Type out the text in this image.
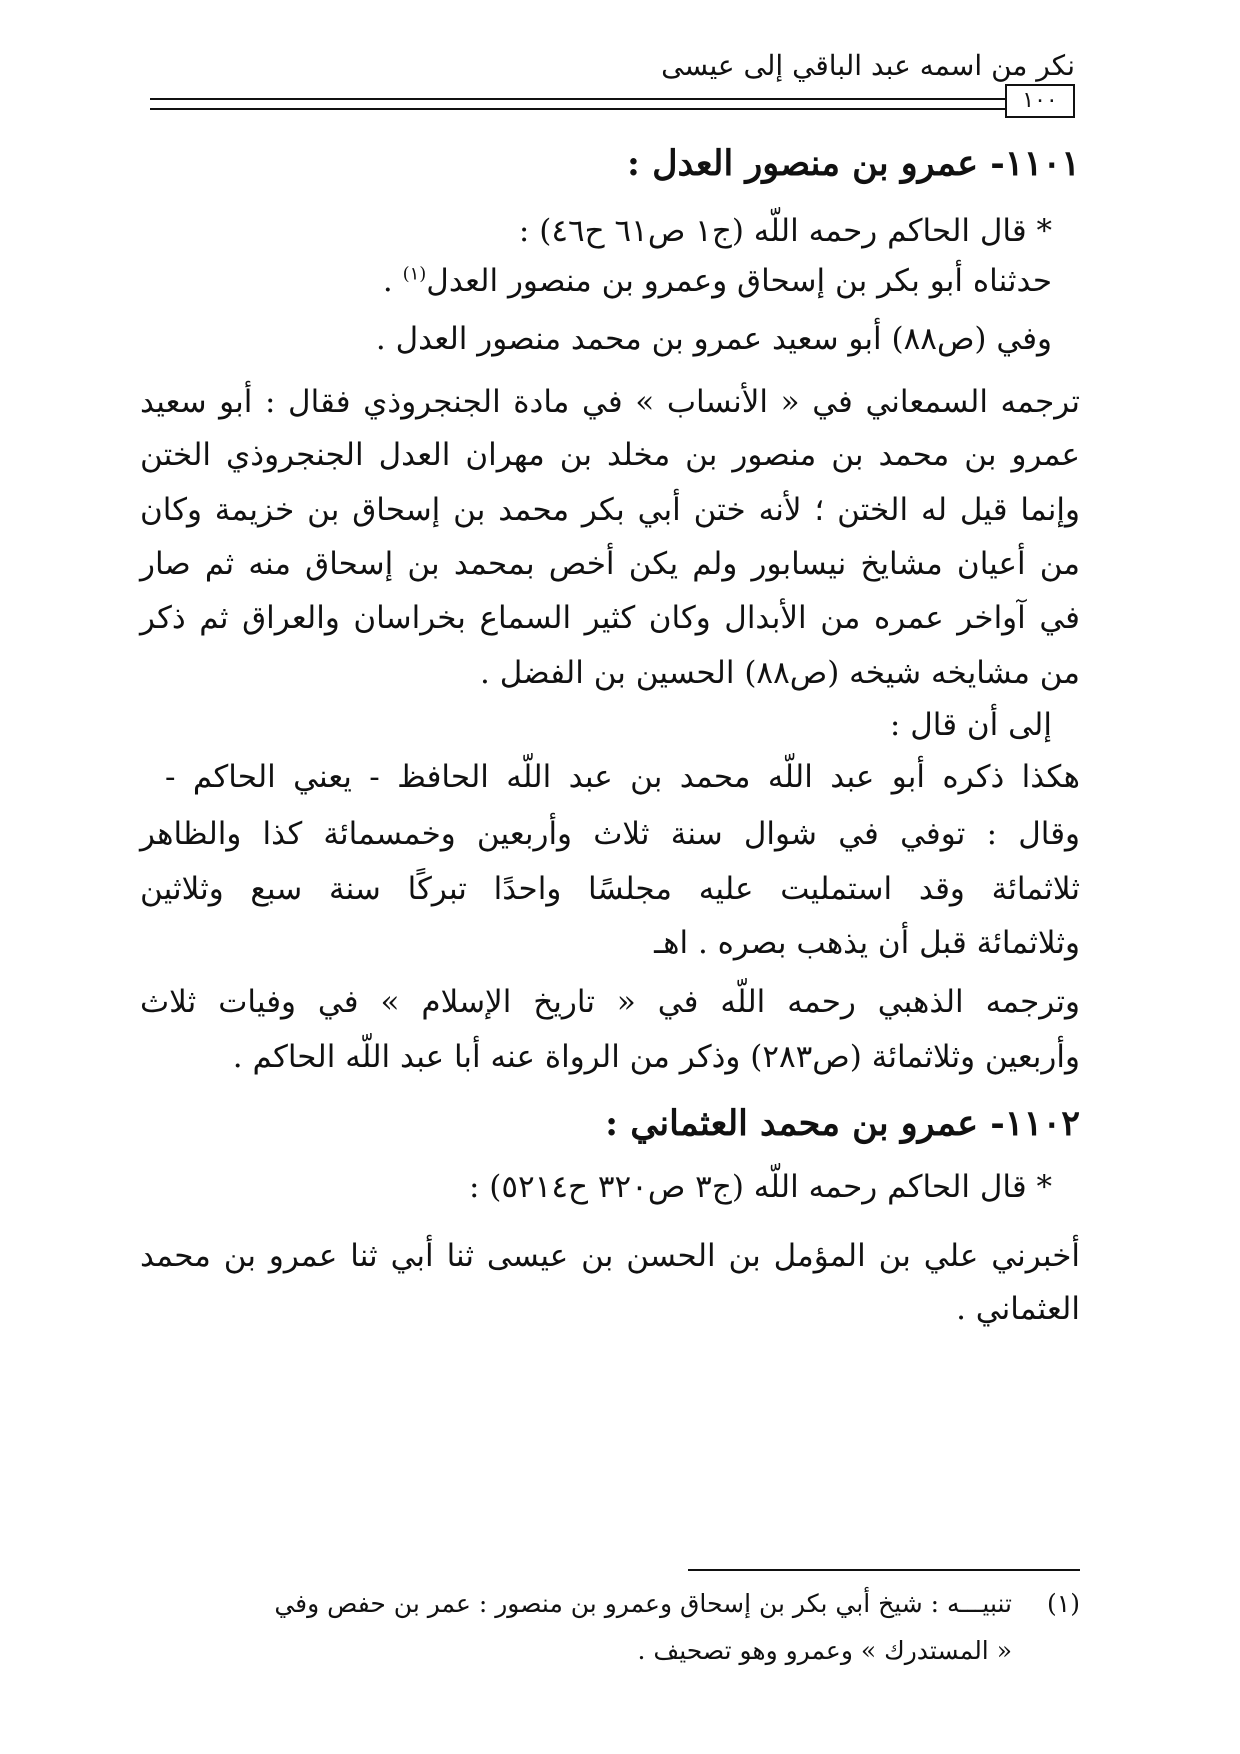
نكر من اسمه عبد الباقي إلى عيسى
١٠٠
١١٠١- عمرو بن منصور العدل :
* قال الحاكم رحمه اللّه (ج١ ص٦١ ح٤٦) :
حدثناه أبو بكر بن إسحاق وعمرو بن منصور العدل$^{(١)}$ .
وفي (ص٨٨) أبو سعيد عمرو بن محمد منصور العدل .
ترجمه السمعاني في « الأنساب » في مادة الجنجروذي فقال : أبو سعيد
عمرو بن محمد بن منصور بن مخلد بن مهران العدل الجنجروذي الختن
وإنما قيل له الختن ؛ لأنه ختن أبي بكر محمد بن إسحاق بن خزيمة وكان
من أعيان مشايخ نيسابور ولم يكن أخص بمحمد بن إسحاق منه ثم صار
في آواخر عمره من الأبدال وكان كثير السماع بخراسان والعراق ثم ذكر
من مشايخه شيخه (ص٨٨) الحسين بن الفضل .
إلى أن قال :
هكذا ذكره أبو عبد اللّه محمد بن عبد اللّه الحافظ - يعني الحاكم -
وقال : توفي في شوال سنة ثلاث وأربعين وخمسمائة كذا والظاهر
ثلاثمائة وقد استمليت عليه مجلسًا واحدًا تبركًا سنة سبع وثلاثين
وثلاثمائة قبل أن يذهب بصره . اهـ
وترجمه الذهبي رحمه اللّه في « تاريخ الإسلام » في وفيات ثلاث
وأربعين وثلاثمائة (ص٢٨٣) وذكر من الرواة عنه أبا عبد اللّه الحاكم .
١١٠٢- عمرو بن محمد العثماني :
* قال الحاكم رحمه اللّه (ج٣ ص٣٢٠ ح٥٢١٤) :
أخبرني علي بن المؤمل بن الحسن بن عيسى ثنا أبي ثنا عمرو بن محمد
العثماني .
(١)
تنبيـــه : شيخ أبي بكر بن إسحاق وعمرو بن منصور : عمر بن حفص وفي
« المستدرك » وعمرو وهو تصحيف .
